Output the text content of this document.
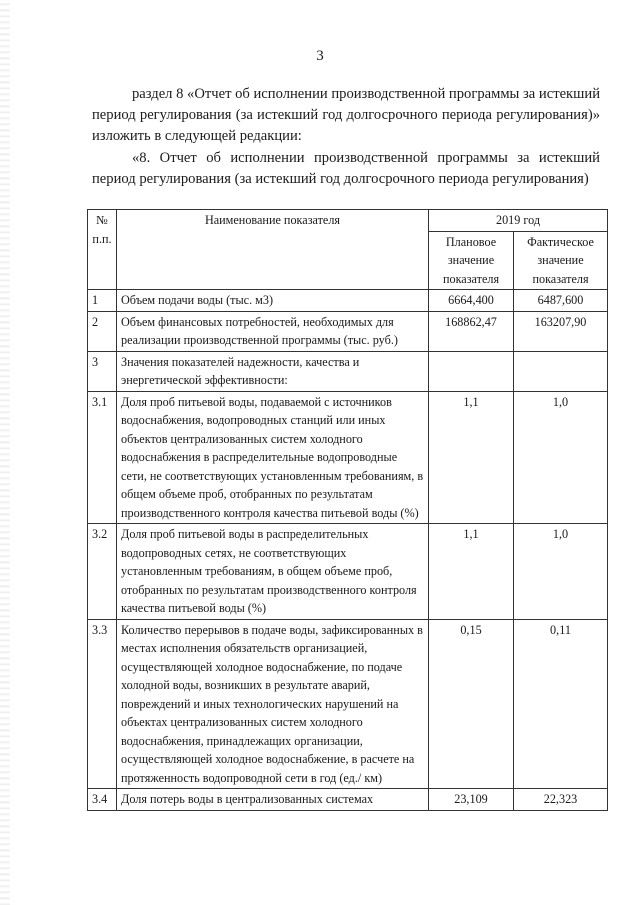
3
раздел 8 «Отчет об исполнении производственной программы за истекший период регулирования (за истекший год долгосрочного периода регулирования)» изложить в следующей редакции:
«8. Отчет об исполнении производственной программы за истекший период регулирования (за истекший год долгосрочного периода регулирования)
№ п.п.	Наименование показателя	2019 год	
		Плановое значение показателя	Фактическое значение показателя
1	Объем подачи воды (тыс. м3)	6664,400	6487,600
2	Объем финансовых потребностей, необходимых для реализации производственной программы (тыс. руб.)	168862,47	163207,90
3	Значения показателей надежности, качества и энергетической эффективности:		
3.1	Доля проб питьевой воды, подаваемой с источников водоснабжения, водопроводных станций или иных объектов централизованных систем холодного водоснабжения в распределительные водопроводные сети, не соответствующих установленным требованиям, в общем объеме проб, отобранных по результатам производственного контроля качества питьевой воды (%)	1,1	1,0
3.2	Доля проб питьевой воды в распределительных водопроводных сетях, не соответствующих установленным требованиям, в общем объеме проб, отобранных по результатам производственного контроля качества питьевой воды (%)	1,1	1,0
3.3	Количество перерывов в подаче воды, зафиксированных в местах исполнения обязательств организацией, осуществляющей холодное водоснабжение, по подаче холодной воды, возникших в результате аварий, повреждений и иных технологических нарушений на объектах централизованных систем холодного водоснабжения, принадлежащих организации, осуществляющей холодное водоснабжение, в расчете на протяженность водопроводной сети в год (ед./ км)	0,15	0,11
3.4	Доля потерь воды в централизованных системах	23,109	22,323
